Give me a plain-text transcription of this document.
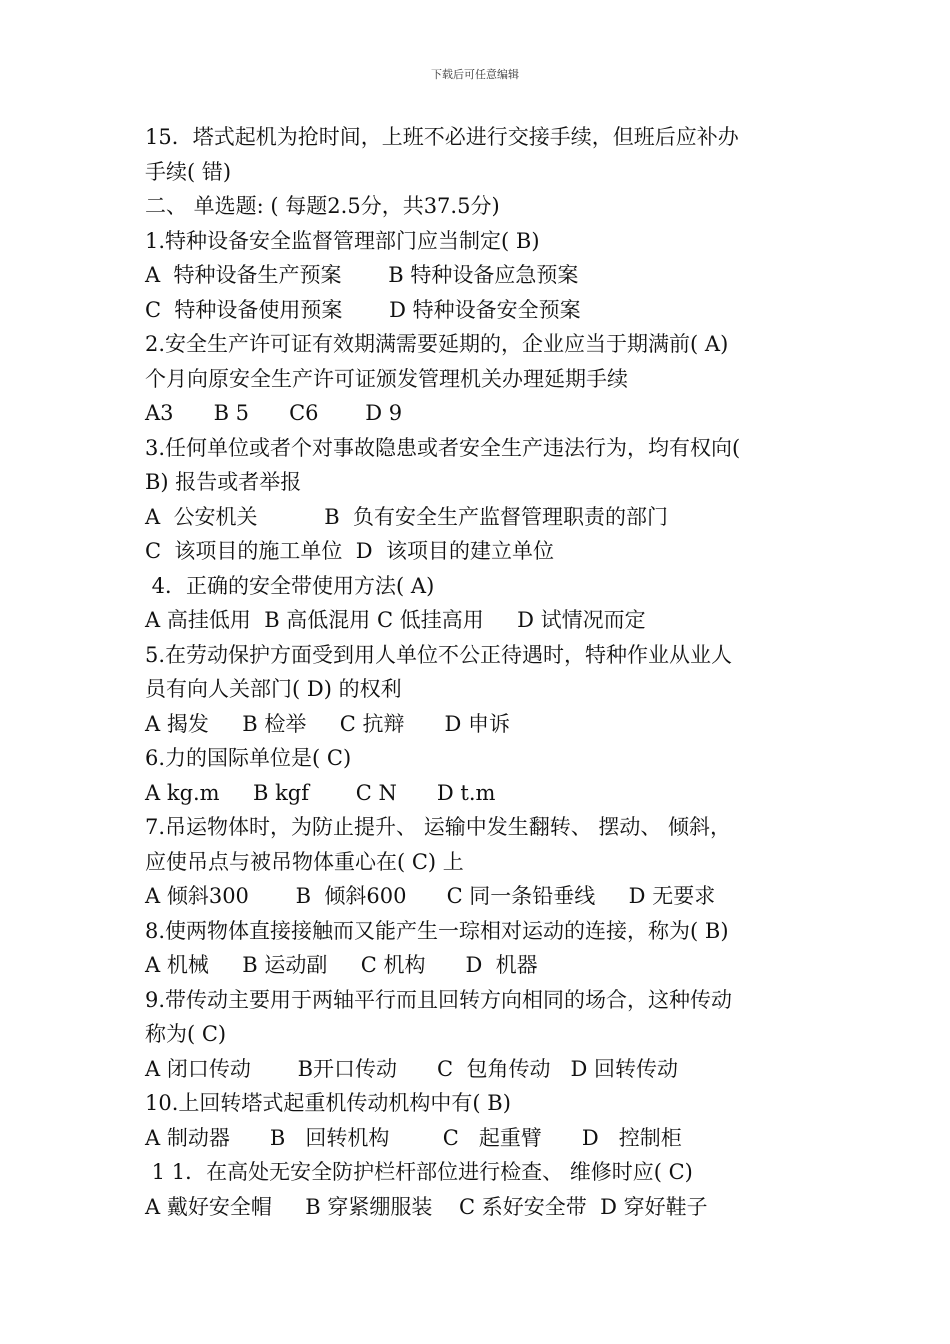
下载后可任意编辑

15．塔式起机为抢时间，上班不必进行交接手续，但班后应补办

手续( 错)

二、 单选题: ( 每题2.5分，共37.5分)

1.特种设备安全监督管理部门应当制定( B)

A  特种设备生产预案       B 特种设备应急预案

C  特种设备使用预案       D 特种设备安全预案

2.安全生产许可证有效期满需要延期的，企业应当于期满前( A)

个月向原安全生产许可证颁发管理机关办理延期手续

A3      B 5      C6       D 9

3.任何单位或者个对事故隐患或者安全生产违法行为，均有权向(

B) 报告或者举报

A  公安机关          B  负有安全生产监督管理职责的部门

C  该项目的施工单位  D  该项目的建立单位

4．正确的安全带使用方法( A)

A 高挂低用  B 高低混用 C 低挂高用     D 试情况而定

5.在劳动保护方面受到用人单位不公正待遇时，特种作业从业人

员有向人关部门( D) 的权利

A 揭发     B 检举     C 抗辩      D 申诉

6.力的国际单位是( C)

A kg.m     B kgf       C N      D t.m

7.吊运物体时，为防止提升、 运输中发生翻转、 摆动、 倾斜，

应使吊点与被吊物体重心在( C) 上

A 倾斜300       B  倾斜600      C 同一条铅垂线     D 无要求

8.使两物体直接接触而又能产生一琮相对运动的连接，称为( B)

A 机械     B 运动副     C 机构      D  机器

9.带传动主要用于两轴平行而且回转方向相同的场合，这种传动

称为( C)

A 闭口传动       B开口传动      C  包角传动   D 回转传动

10.上回转塔式起重机传动机构中有( B)

A 制动器      B   回转机构        C   起重臂      D   控制柜

1 1．在高处无安全防护栏杆部位进行检查、 维修时应( C)

A 戴好安全帽     B 穿紧绷服装    C 系好安全带  D 穿好鞋子
